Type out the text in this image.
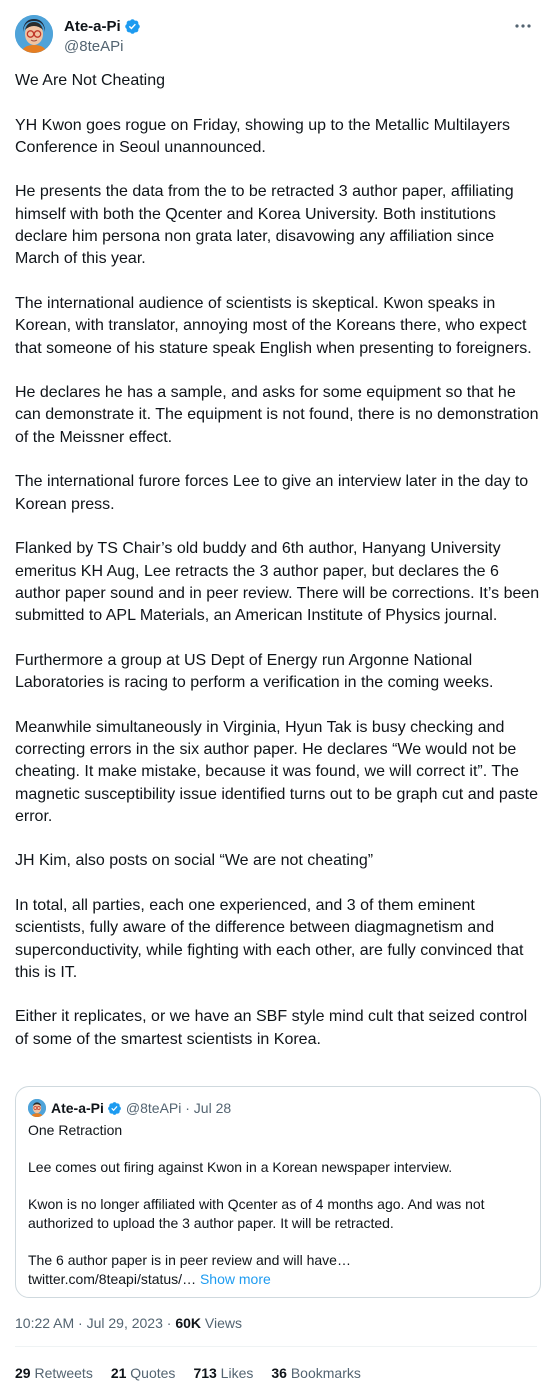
Ate-a-Pi
@8teAPi

We Are Not Cheating

YH Kwon goes rogue on Friday, showing up to the Metallic Multilayers Conference in Seoul unannounced.

He presents the data from the to be retracted 3 author paper, affiliating himself with both the Qcenter and Korea University. Both institutions declare him persona non grata later, disavowing any affiliation since March of this year.

The international audience of scientists is skeptical. Kwon speaks in Korean, with translator, annoying most of the Koreans there, who expect that someone of his stature speak English when presenting to foreigners.

He declares he has a sample, and asks for some equipment so that he can demonstrate it. The equipment is not found, there is no demonstration of the Meissner effect.

The international furore forces Lee to give an interview later in the day to Korean press.

Flanked by TS Chair’s old buddy and 6th author, Hanyang University emeritus KH Aug, Lee retracts the 3 author paper, but declares the 6 author paper sound and in peer review. There will be corrections. It’s been submitted to APL Materials, an American Institute of Physics journal.

Furthermore a group at US Dept of Energy run Argonne National Laboratories is racing to perform a verification in the coming weeks.

Meanwhile simultaneously in Virginia, Hyun Tak is busy checking and correcting errors in the six author paper. He declares “We would not be cheating. It make mistake, because it was found, we will correct it”. The magnetic susceptibility issue identified turns out to be graph cut and paste error.

JH Kim, also posts on social “We are not cheating”

In total, all parties, each one experienced, and 3 of them eminent scientists, fully aware of the difference between diagmagnetism and superconductivity, while fighting with each other, are fully convinced that this is IT.

Either it replicates, or we have an SBF style mind cult that seized control of some of the smartest scientists in Korea.

Ate-a-Pi @8teAPi · Jul 28

One Retraction

Lee comes out firing against Kwon in a Korean newspaper interview.

Kwon is no longer affiliated with Qcenter as of 4 months ago. And was not authorized to upload the 3 author paper. It will be retracted.

The 6 author paper is in peer review and will have…
twitter.com/8teapi/status/… Show more

10:22 AM · Jul 29, 2023 · 60K Views
29 Retweets 21 Quotes 713 Likes 36 Bookmarks
